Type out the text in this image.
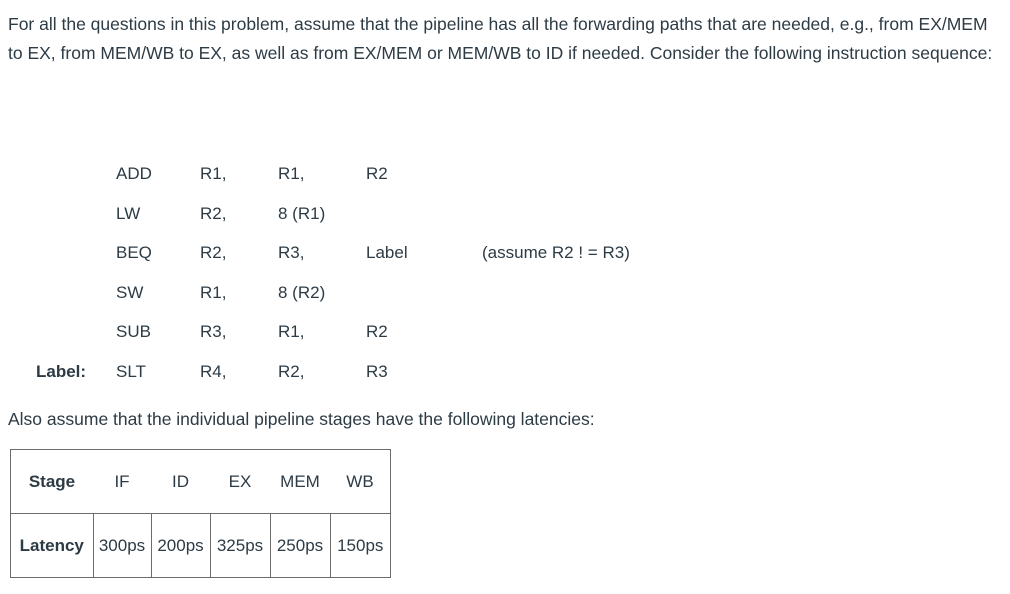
For all the questions in this problem, assume that the pipeline has all the forwarding paths that are needed, e.g., from EX/MEM to EX, from MEM/WB to EX, as well as from EX/MEM or MEM/WB to ID if needed. Consider the following instruction sequence:

ADD	R1,	R1,	R2
LW	R2,	8 (R1)
BEQ	R2,	R3,	Label	(assume R2 ! = R3)
SW	R1,	8 (R2)
SUB	R3,	R1,	R2
Label: SLT	R4,	R2,	R3

Also assume that the individual pipeline stages have the following latencies:

Stage	IF	ID	EX	MEM	WB
Latency	300ps	200ps	325ps	250ps	150ps
